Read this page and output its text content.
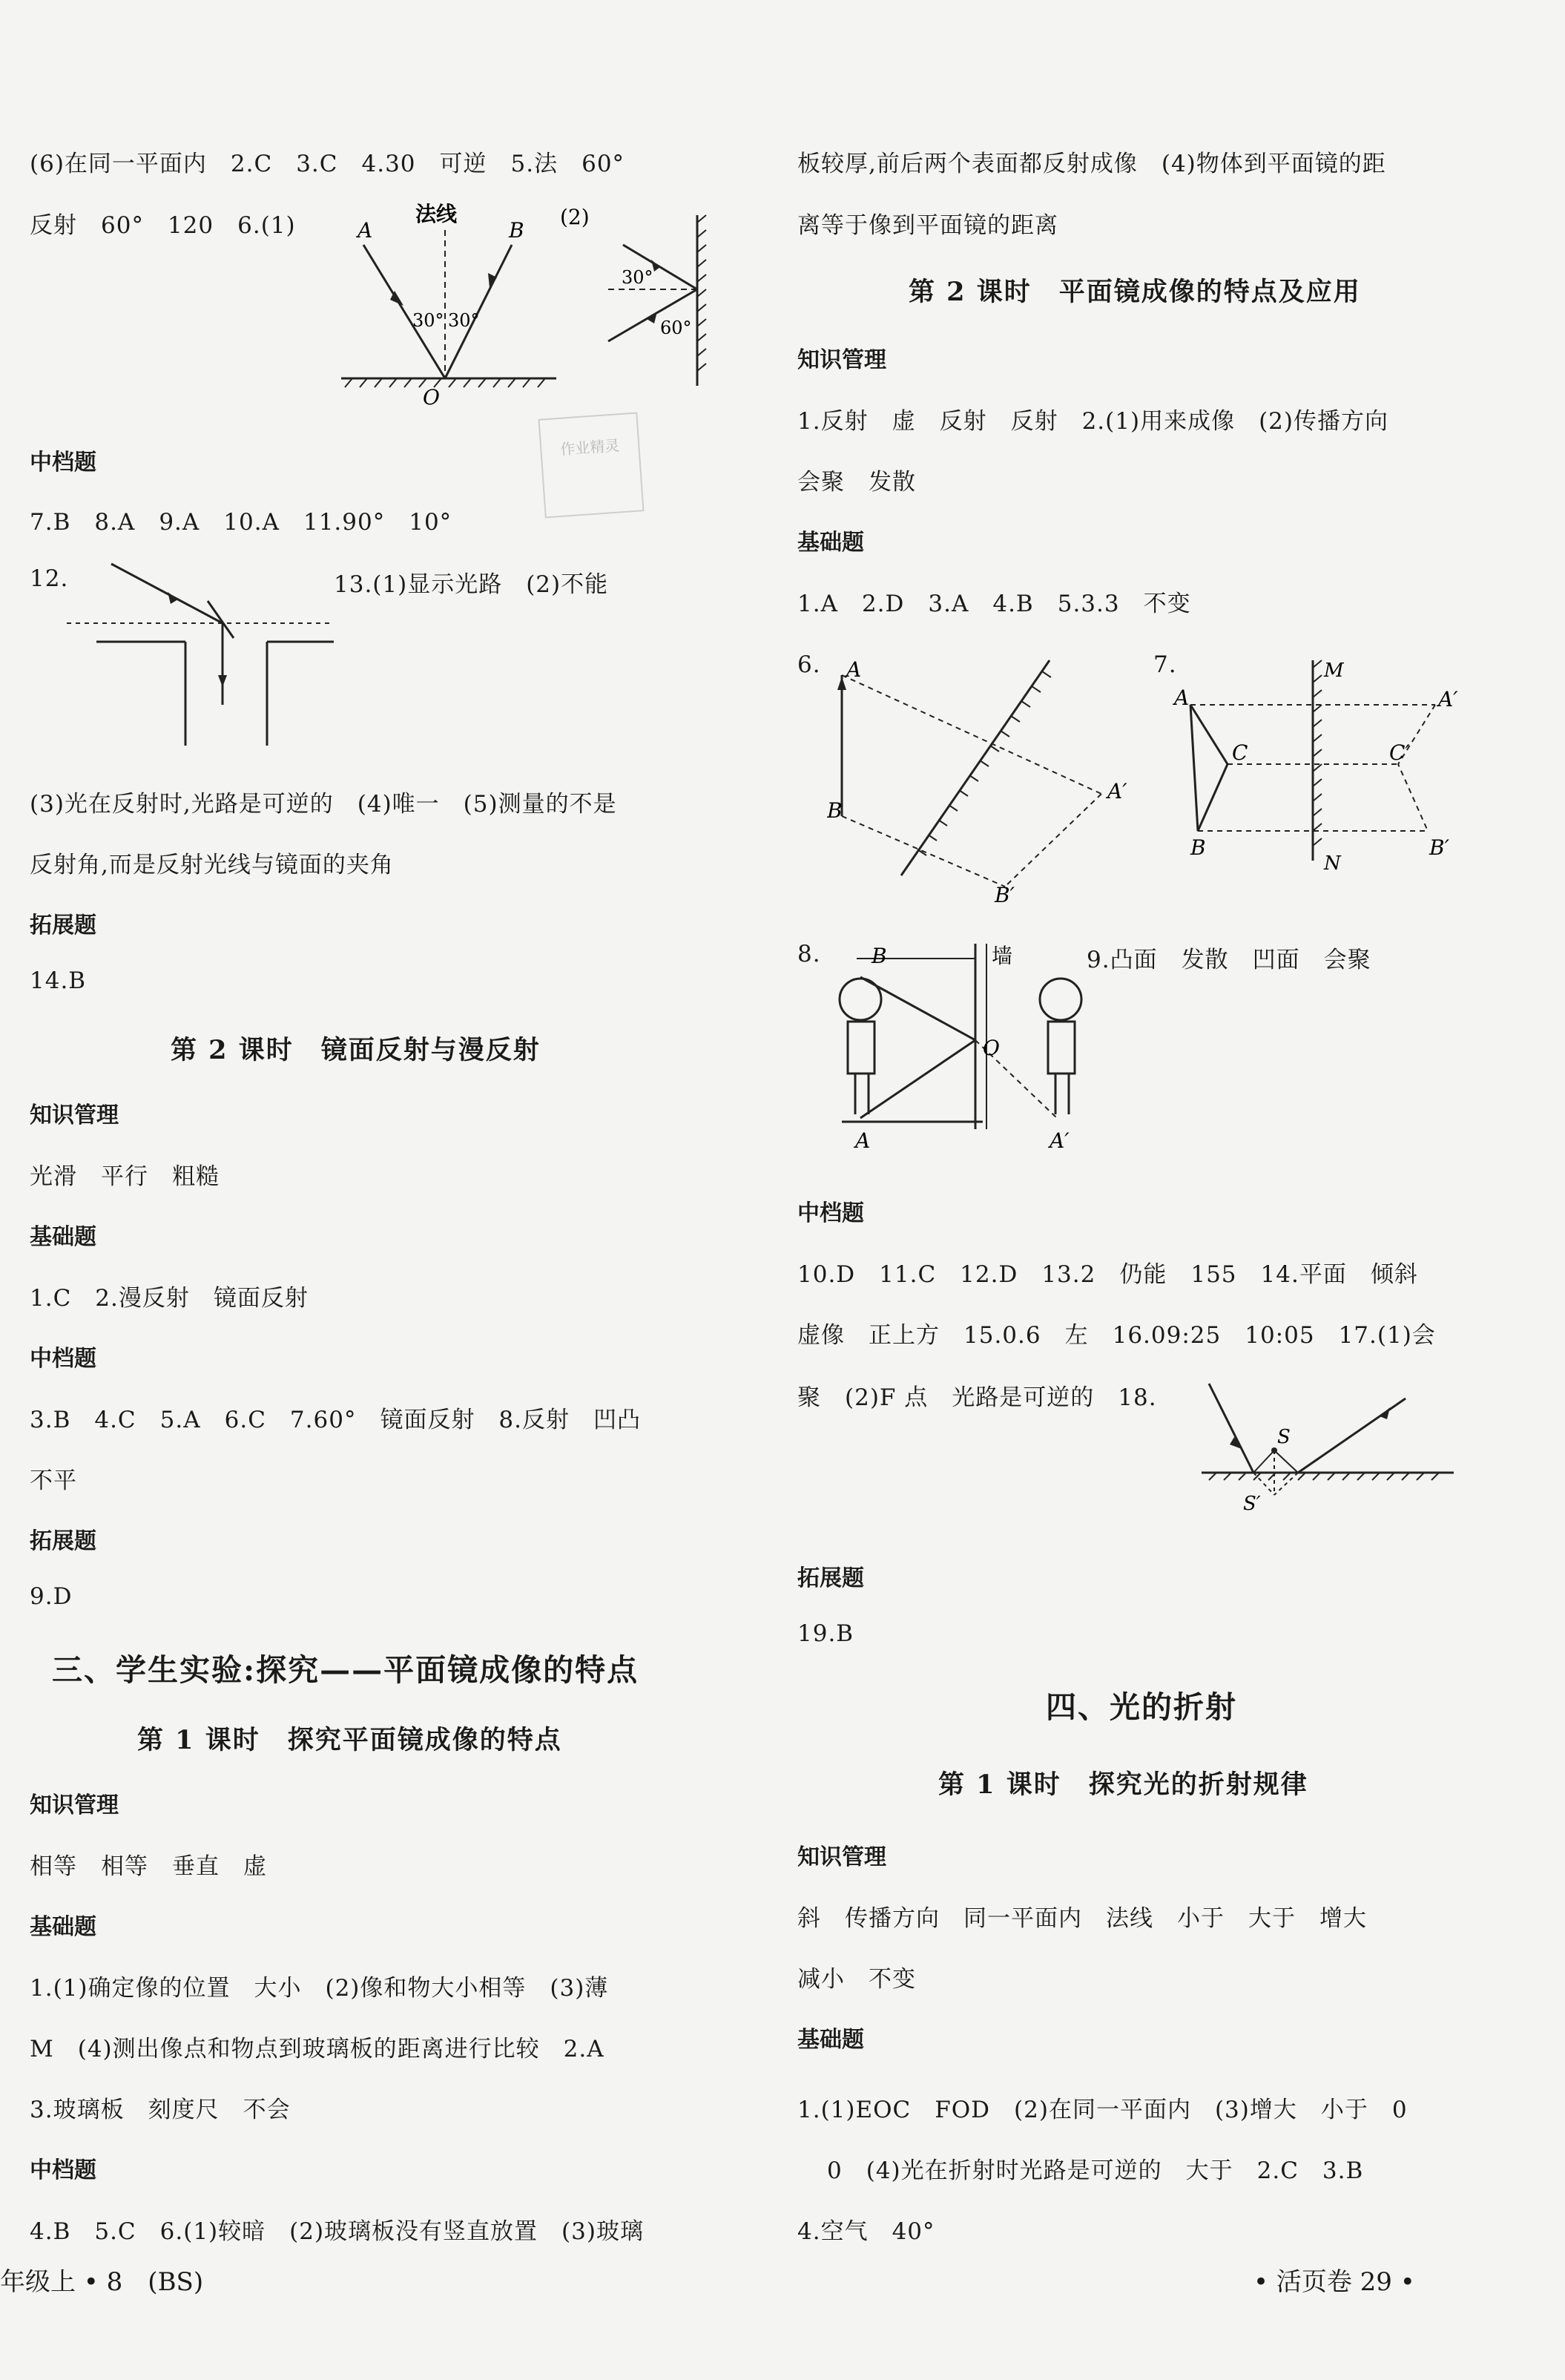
(6)在同一平面内　2.C　3.C　4.30　可逆　5.法　60°
反射　60°　120　6.(1)	法线
A	B
O
30° 30°
(2)
30°
60°
作业精灵
中档题
7.B　8.A　9.A　10.A　11.90°　10°
12.	13.(1)显示光路　(2)不能
(3)光在反射时,光路是可逆的　(4)唯一　(5)测量的不是
反射角,而是反射光线与镜面的夹角
拓展题
14.B
第 2 课时　镜面反射与漫反射
知识管理
光滑　平行　粗糙
基础题
1.C　2.漫反射　镜面反射
中档题
3.B　4.C　5.A　6.C　7.60°　镜面反射　8.反射　凹凸
不平
拓展题
9.D
三、学生实验:探究——平面镜成像的特点
第 1 课时　探究平面镜成像的特点
知识管理
相等　相等　垂直　虚
基础题
1.(1)确定像的位置　大小　(2)像和物大小相等　(3)薄
M　(4)测出像点和物点到玻璃板的距离进行比较　2.A
3.玻璃板　刻度尺　不会
中档题
4.B　5.C　6.(1)较暗　(2)玻璃板没有竖直放置　(3)玻璃
板较厚,前后两个表面都反射成像　(4)物体到平面镜的距
离等于像到平面镜的距离
第 2 课时　平面镜成像的特点及应用
知识管理
1.反射　虚　反射　反射　2.(1)用来成像　(2)传播方向
会聚　发散
基础题
1.A　2.D　3.A　4.B　5.3.3　不变
6. A
B
A′
B′
7.	M
N
A
B
C	C′
A′
B′
8. B	墙
O
A	A′
9.凸面　发散　凹面　会聚
中档题
10.D　11.C　12.D　13.2　仍能　155　14.平面　倾斜
虚像　正上方　15.0.6　左　16.09:25　10:05　17.(1)会
聚　(2)F 点　光路是可逆的　18.
S
S′
拓展题
19.B
四、光的折射
第 1 课时　探究光的折射规律
知识管理
斜　传播方向　同一平面内　法线　小于　大于　增大
减小　不变
基础题
1.(1)EOC　FOD　(2)在同一平面内　(3)增大　小于　0
0　(4)光在折射时光路是可逆的　大于　2.C　3.B
4.空气　40°
年级上 • 8　(BS)	• 活页卷 29 •
